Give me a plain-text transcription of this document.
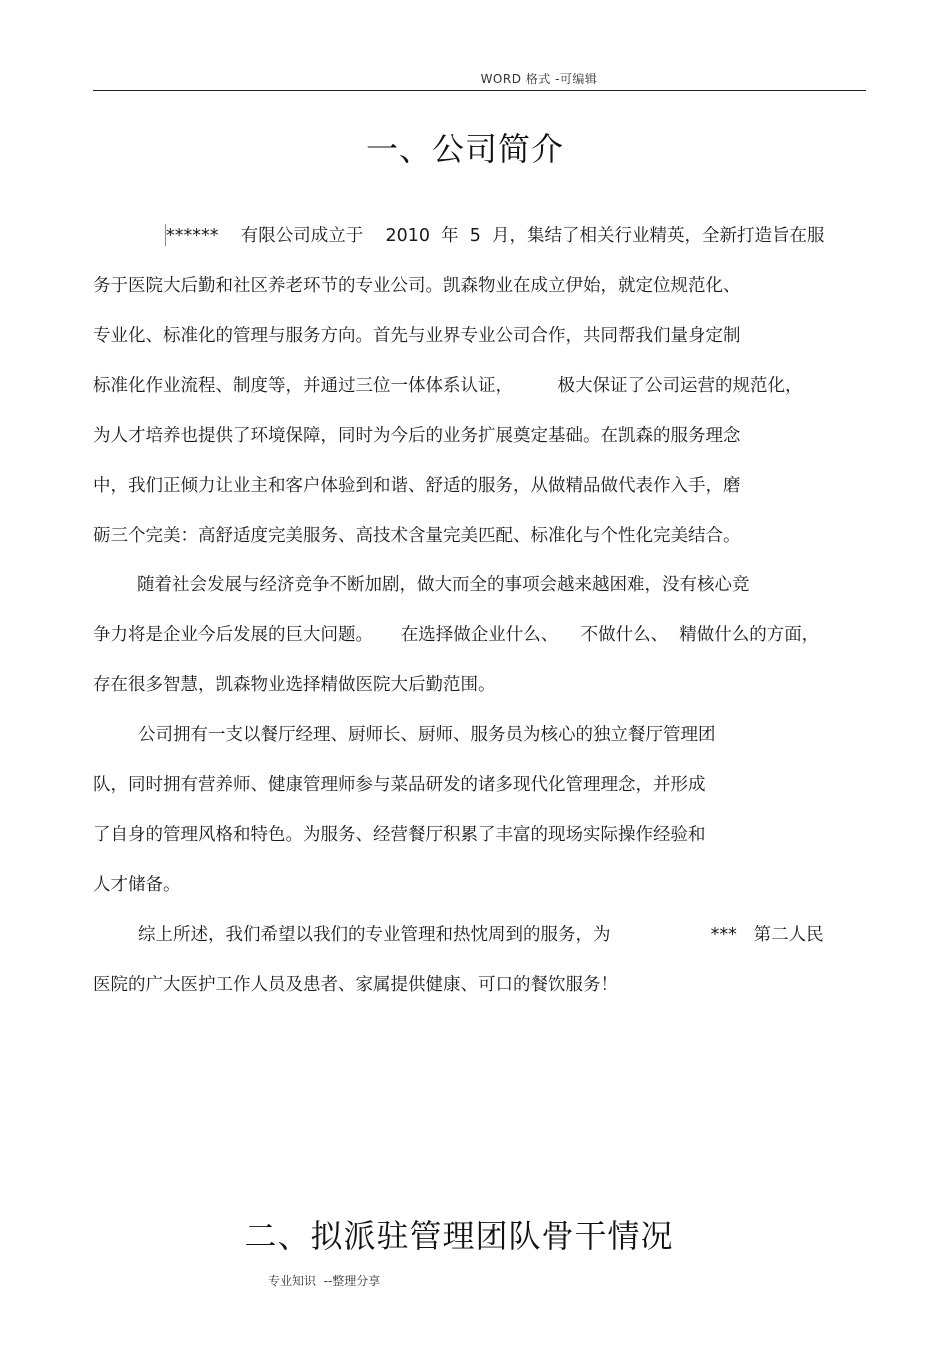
WORD 格式 -可编辑
一、公司简介
******    有限公司成立于    2010  年  5  月，集结了相关行业精英，全新打造旨在服
务于医院大后勤和社区养老环节的专业公司。凯森物业在成立伊始，就定位规范化、
专业化、标准化的管理与服务方向。首先与业界专业公司合作，共同帮我们量身定制
标准化作业流程、制度等，并通过三位一体体系认证，        极大保证了公司运营的规范化，
为人才培养也提供了环境保障，同时为今后的业务扩展奠定基础。在凯森的服务理念
中，我们正倾力让业主和客户体验到和谐、舒适的服务，从做精品做代表作入手，磨
砺三个完美：高舒适度完美服务、高技术含量完美匹配、标准化与个性化完美结合。
随着社会发展与经济竞争不断加剧，做大而全的事项会越来越困难，没有核心竞
争力将是企业今后发展的巨大问题。     在选择做企业什么、    不做什么、  精做什么的方面，
存在很多智慧，凯森物业选择精做医院大后勤范围。
公司拥有一支以餐厅经理、厨师长、厨师、服务员为核心的独立餐厅管理团
队，同时拥有营养师、健康管理师参与菜品研发的诸多现代化管理理念，并形成
了自身的管理风格和特色。为服务、经营餐厅积累了丰富的现场实际操作经验和
人才储备。
综上所述，我们希望以我们的专业管理和热忱周到的服务，为                  ***   第二人民
医院的广大医护工作人员及患者、家属提供健康、可口的餐饮服务！
二、拟派驻管理团队骨干情况
专业知识  --整理分享
